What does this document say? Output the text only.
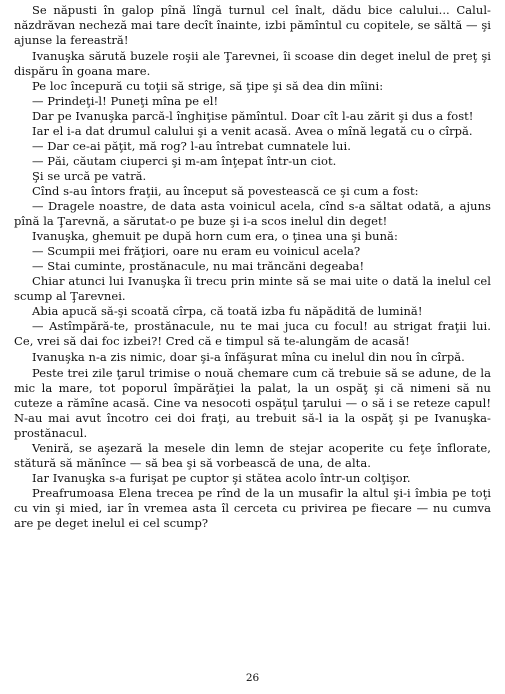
Se năpusti în galop pînă lîngă turnul cel înalt, dădu bice calului... Calul-năzdrăvan necheză mai tare decît înainte, izbi pămîntul cu copitele, se săltă — şi ajunse la fereastră!

Ivanuşka sărută buzele roşii ale Ţarevnei, îi scoase din deget inelul de preţ şi dispăru în goana mare.

Pe loc începură cu toţii să strige, să ţipe şi să dea din mîini:

— Prindeţi-l! Puneţi mîna pe el!

Dar pe Ivanuşka parcă-l înghiţise pămîntul. Doar cît l-au zărit şi dus a fost!

Iar el i-a dat drumul calului şi a venit acasă. Avea o mînă legată cu o cîrpă.

— Dar ce-ai păţit, mă rog? l-au întrebat cumnatele lui.

— Păi, căutam ciuperci şi m-am înţepat într-un ciot.

Şi se urcă pe vatră.

Cînd s-au întors fraţii, au început să povestească ce şi cum a fost:

— Dragele noastre, de data asta voinicul acela, cînd s-a săltat odată, a ajuns pînă la Ţarevnă, a sărutat-o pe buze şi i-a scos inelul din deget!

Ivanuşka, ghemuit pe după horn cum era, o ţinea una şi bună:

— Scumpii mei frăţiori, oare nu eram eu voinicul acela?

— Stai cuminte, prostănacule, nu mai trăncăni degeaba!

Chiar atunci lui Ivanuşka îi trecu prin minte să se mai uite o dată la inelul cel scump al Ţarevnei.

Abia apucă să-şi scoată cîrpa, că toată izba fu năpădită de lumină!

— Astîmpără-te, prostănacule, nu te mai juca cu focul! au strigat fraţii lui. Ce, vrei să dai foc izbei?! Cred că e timpul să te-alungăm de acasă!

Ivanuşka n-a zis nimic, doar şi-a înfăşurat mîna cu inelul din nou în cîrpă.

Peste trei zile ţarul trimise o nouă chemare cum că trebuie să se adune, de la mic la mare, tot poporul împărăţiei la palat, la un ospăţ şi că nimeni să nu cuteze a rămîne acasă. Cine va nesocoti ospăţul ţarului — o să i se reteze capul! N-au mai avut încotro cei doi fraţi, au trebuit să-l ia la ospăţ şi pe Ivanuşka-prostănacul.

Veniră, se aşezară la mesele din lemn de stejar acoperite cu feţe înflorate, stătură să mănînce — să bea şi să vorbească de una, de alta.

Iar Ivanuşka s-a furişat pe cuptor şi stătea acolo într-un colţişor.

Preafrumoasa Elena trecea pe rînd de la un musafir la altul şi-i îmbia pe toţi cu vin şi mied, iar în vremea asta îl cerceta cu privirea pe fiecare — nu cumva are pe deget inelul ei cel scump?

26
